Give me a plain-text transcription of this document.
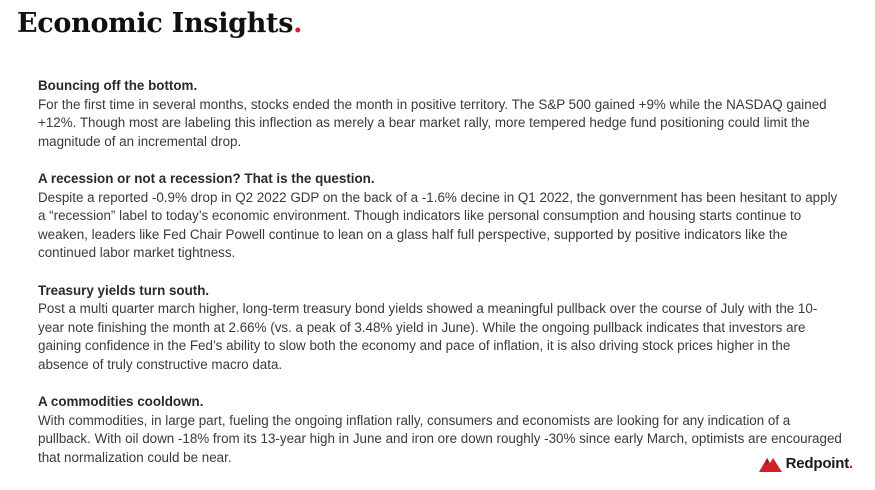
Economic Insights.
Bouncing off the bottom.
For the first time in several months, stocks ended the month in positive territory. The S&P 500 gained +9% while the NASDAQ gained +12%. Though most are labeling this inflection as merely a bear market rally, more tempered hedge fund positioning could limit the magnitude of an incremental drop.
A recession or not a recession? That is the question.
Despite a reported -0.9% drop in Q2 2022 GDP on the back of a -1.6% decine in Q1 2022, the gonvernment has been hesitant to apply a “recession” label to today’s economic environment. Though indicators like personal consumption and housing starts continue to weaken, leaders like Fed Chair Powell continue to lean on a glass half full perspective, supported by positive indicators like the continued labor market tightness.
Treasury yields turn south.
Post a multi quarter march higher, long-term treasury bond yields showed a meaningful pullback over the course of July with the 10-year note finishing the month at 2.66% (vs. a peak of 3.48% yield in June). While the ongoing pullback indicates that investors are gaining confidence in the Fed’s ability to slow both the economy and pace of inflation, it is also driving stock prices higher in the absence of truly constructive macro data.
A commodities cooldown.
With commodities, in large part, fueling the ongoing inflation rally, consumers and economists are looking for any indication of a pullback. With oil down -18% from its 13-year high in June and iron ore down roughly -30% since early March, optimists are encouraged that normalization could be near.	Redpoint.
